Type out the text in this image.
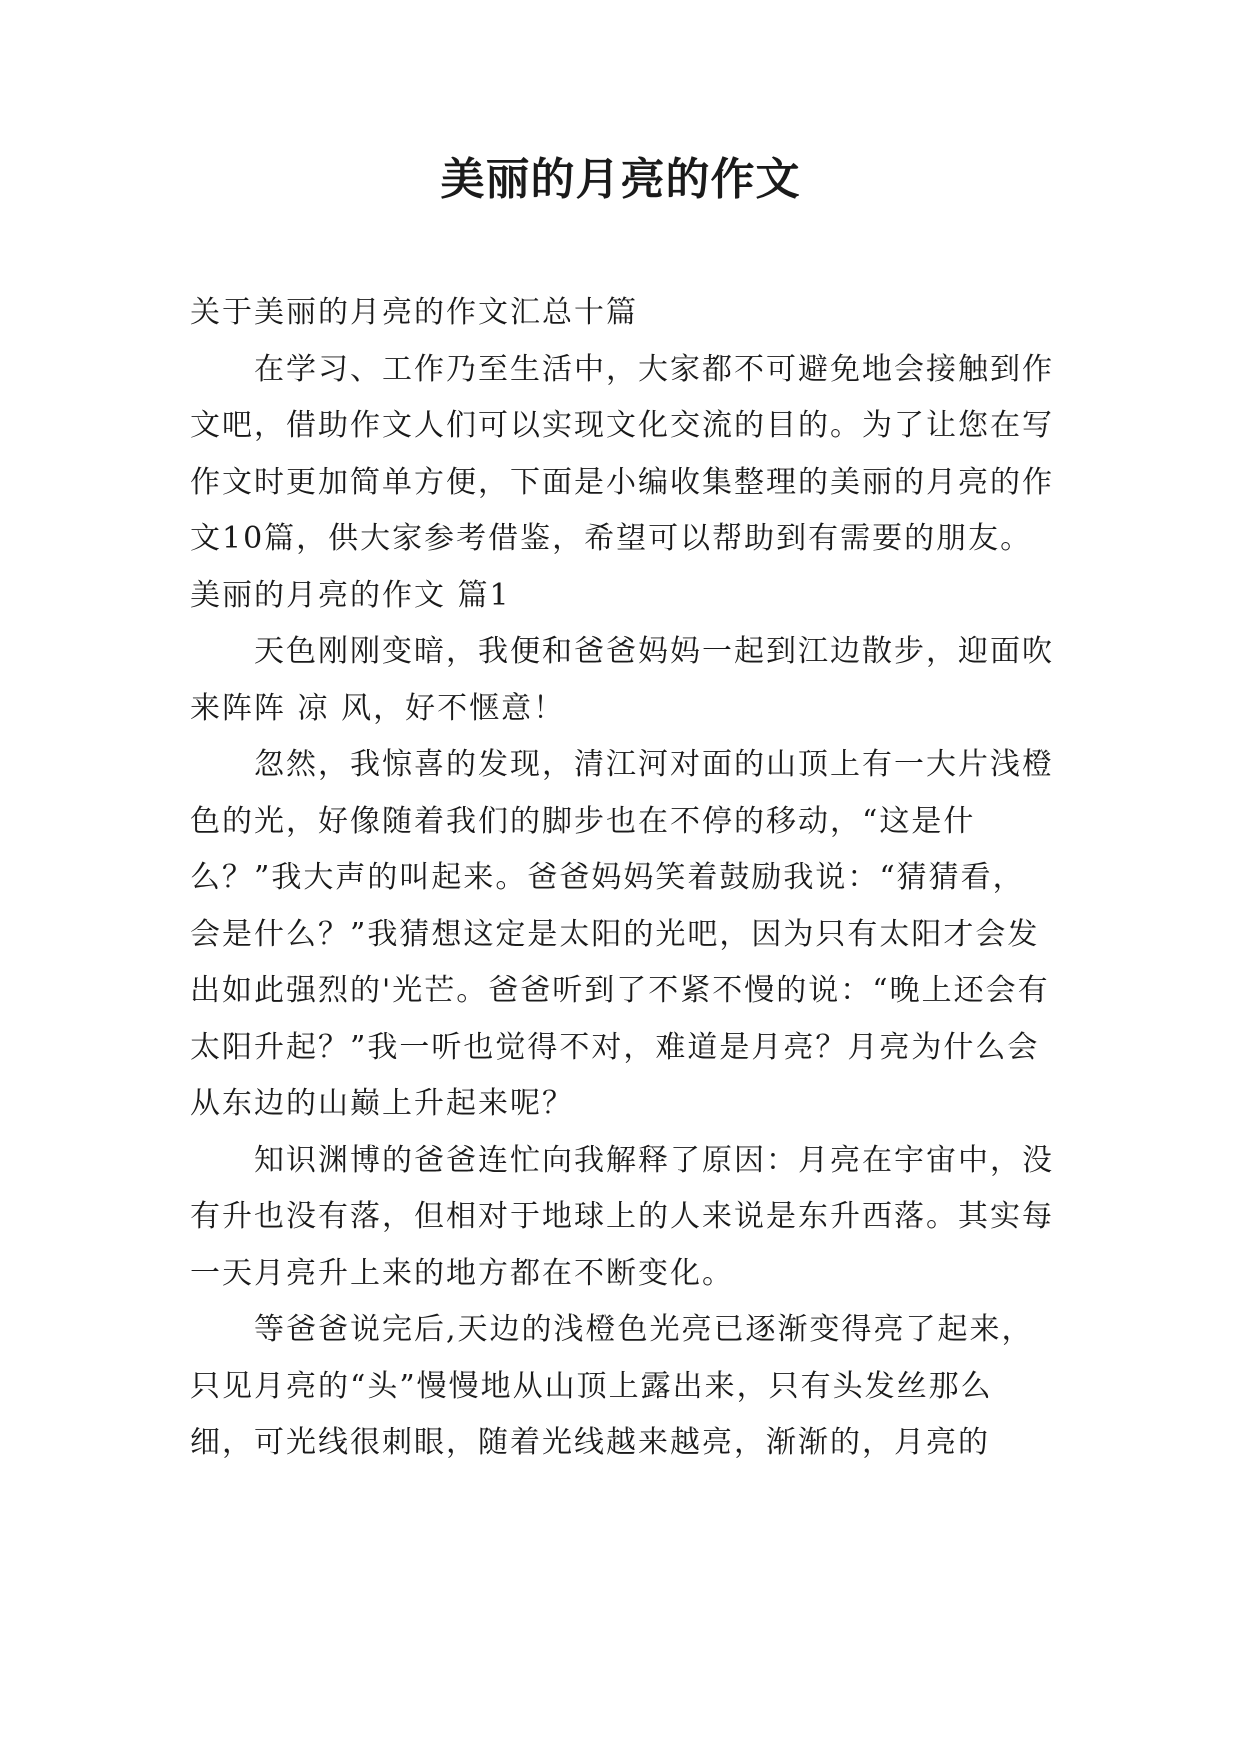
美丽的月亮的作文

关于美丽的月亮的作文汇总十篇

在学习、工作乃至生活中，大家都不可避免地会接触到作文吧，借助作文人们可以实现文化交流的目的。为了让您在写作文时更加简单方便，下面是小编收集整理的美丽的月亮的作文10篇，供大家参考借鉴，希望可以帮助到有需要的朋友。

美丽的月亮的作文 篇1

天色刚刚变暗，我便和爸爸妈妈一起到江边散步，迎面吹来阵阵 凉 风，好不惬意！

忽然，我惊喜的发现，清江河对面的山顶上有一大片浅橙色的光，好像随着我们的脚步也在不停的移动，“这是什么？”我大声的叫起来。爸爸妈妈笑着鼓励我说：“猜猜看，会是什么？”我猜想这定是太阳的光吧，因为只有太阳才会发出如此强烈的'光芒。爸爸听到了不紧不慢的说：“晚上还会有太阳升起？”我一听也觉得不对，难道是月亮？月亮为什么会从东边的山巅上升起来呢？

知识渊博的爸爸连忙向我解释了原因：月亮在宇宙中，没有升也没有落，但相对于地球上的人来说是东升西落。其实每一天月亮升上来的地方都在不断变化。

等爸爸说完后,天边的浅橙色光亮已逐渐变得亮了起来，只见月亮的“头”慢慢地从山顶上露出来，只有头发丝那么细，可光线很刺眼，随着光线越来越亮，渐渐的，月亮的
